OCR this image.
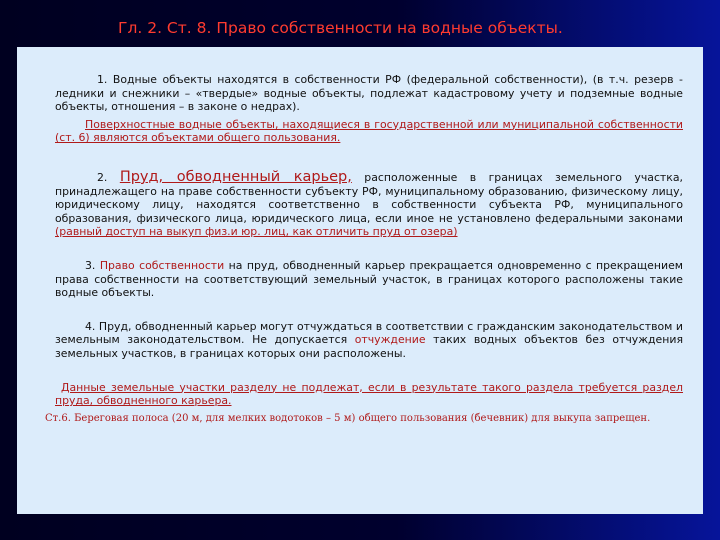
Гл. 2. Ст. 8. Право собственности на водные объекты.

1. Водные объекты находятся в собственности РФ (федеральной собственности), (в т.ч. резерв - ледники и снежники – «твердые» водные объекты, подлежат кадастровому учету и подземные водные объекты, отношения – в законе о недрах).

Поверхностные водные объекты, находящиеся в государственной или муниципальной собственности (ст. 6) являются объектами общего пользования.

2. Пруд, обводненный карьер, расположенные в границах земельного участка, принадлежащего на праве собственности субъекту РФ, муниципальному образованию, физическому лицу, юридическому лицу, находятся соответственно в собственности субъекта РФ, муниципального образования, физического лица, юридического лица, если иное не установлено федеральными законами (равный доступ на выкуп физ.и юр. лиц, как отличить пруд от озера)

3. Право собственности на пруд, обводненный карьер прекращается одновременно с прекращением права собственности на соответствующий земельный участок, в границах которого расположены такие водные объекты.

4. Пруд, обводненный карьер могут отчуждаться в соответствии с гражданским законодательством и земельным законодательством. Не допускается отчуждение таких водных объектов без отчуждения земельных участков, в границах которых они расположены.

Данные земельные участки разделу не подлежат, если в результате такого раздела требуется раздел пруда, обводненного карьера.

Ст.6. Береговая полоса (20 м, для мелких водотоков – 5 м) общего пользования (бечевник) для выкупа запрещен.
